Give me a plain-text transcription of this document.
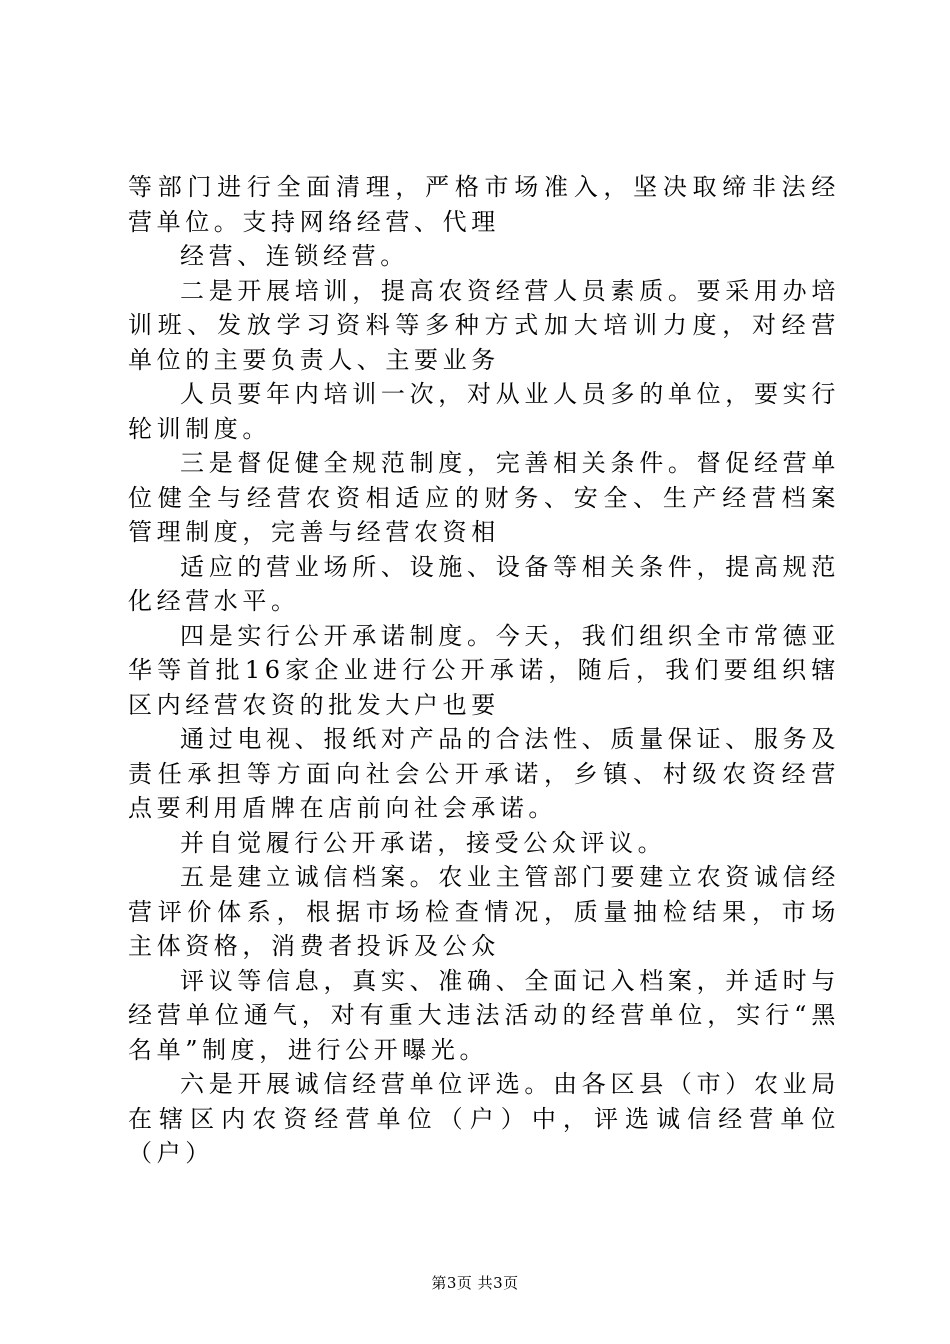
等部门进行全面清理，严格市场准入，坚决取缔非法经营单位。支持网络经营、代理

经营、连锁经营。

二是开展培训，提高农资经营人员素质。要采用办培训班、发放学习资料等多种方式加大培训力度，对经营单位的主要负责人、主要业务

人员要年内培训一次，对从业人员多的单位，要实行轮训制度。

三是督促健全规范制度，完善相关条件。督促经营单位健全与经营农资相适应的财务、安全、生产经营档案管理制度，完善与经营农资相

适应的营业场所、设施、设备等相关条件，提高规范化经营水平。

四是实行公开承诺制度。今天，我们组织全市常德亚华等首批16家企业进行公开承诺，随后，我们要组织辖区内经营农资的批发大户也要

通过电视、报纸对产品的合法性、质量保证、服务及责任承担等方面向社会公开承诺，乡镇、村级农资经营点要利用盾牌在店前向社会承诺。

并自觉履行公开承诺，接受公众评议。

五是建立诚信档案。农业主管部门要建立农资诚信经营评价体系，根据市场检查情况，质量抽检结果，市场主体资格，消费者投诉及公众

评议等信息，真实、准确、全面记入档案，并适时与经营单位通气，对有重大违法活动的经营单位，实行“黑名单”制度，进行公开曝光。

六是开展诚信经营单位评选。由各区县（市）农业局在辖区内农资经营单位（户）中，评选诚信经营单位（户）

第3页 共3页
